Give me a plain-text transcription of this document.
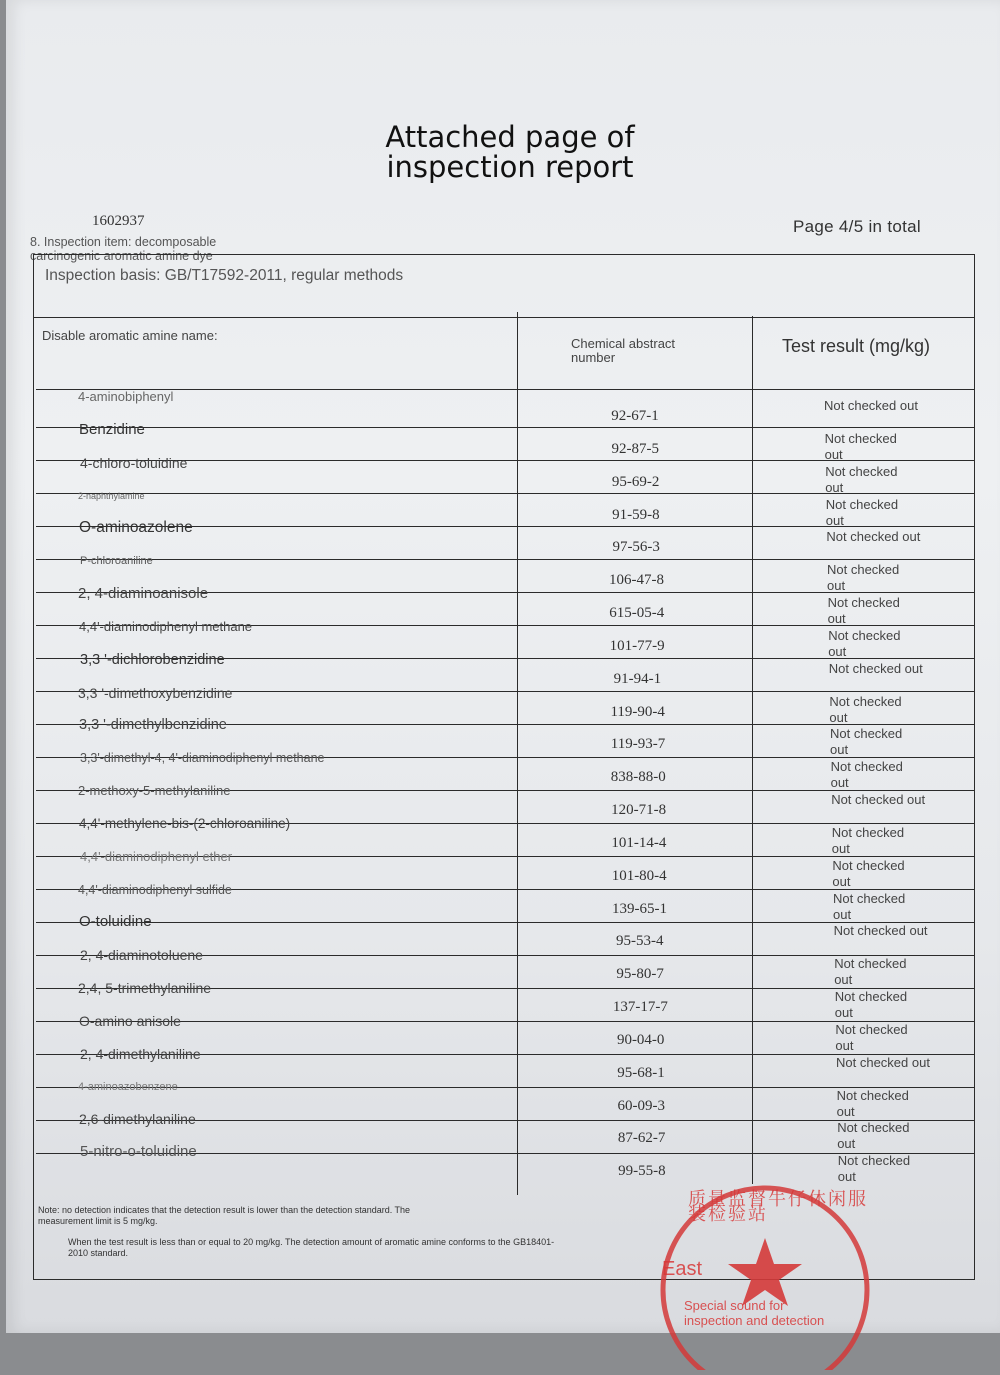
Attached page of
inspection report
1602937	Page 4/5 in total
8. Inspection item: decomposable carcinogenic aromatic amine dye
Inspection basis: GB/T17592-2011, regular methods
Disable aromatic amine name:
Chemical abstract number
Test result (mg/kg)
4-aminobiphenyl
92-67-1
Not checked out
Benzidine
92-87-5
Not checked out
4-chloro-toluidine
95-69-2
Not checked out
2-naphthylamine
91-59-8
Not checked out
O-aminoazolene
97-56-3
Not checked out
P-chloroaniline
106-47-8
Not checked out
2, 4-diaminoanisole
615-05-4
Not checked out
4,4'-diaminodiphenyl methane
101-77-9
Not checked out
3,3 '-dichlorobenzidine
91-94-1
Not checked out
3,3 '-dimethoxybenzidine
119-90-4
Not checked out
3,3 '-dimethylbenzidine
119-93-7
Not checked out
3,3'-dimethyl-4, 4'-diaminodiphenyl methane
838-88-0
Not checked out
2-methoxy-5-methylaniline
120-71-8
Not checked out
4,4'-methylene-bis-(2-chloroaniline)
101-14-4
Not checked out
4,4'-diaminodiphenyl ether
101-80-4
Not checked out
4,4'-diaminodiphenyl sulfide
139-65-1
Not checked out
O-toluidine
95-53-4
Not checked out
2, 4-diaminotoluene
95-80-7
Not checked out
2,4, 5-trimethylaniline
137-17-7
Not checked out
O-amino anisole
90-04-0
Not checked out
2, 4-dimethylaniline
95-68-1
Not checked out
4-aminoazobenzene
60-09-3
Not checked out
2,6-dimethylaniline
87-62-7
Not checked out
5-nitro-o-toluidine
99-55-8
Not checked out
Note: no detection indicates that the detection result is lower than the detection standard. The measurement limit is 5 mg/kg.
When the test result is less than or equal to 20 mg/kg. The detection amount of aromatic amine conforms to the GB18401-2010 standard.
质量监督牛仔休闲服装检验站
East
Special sound for inspection and detection
